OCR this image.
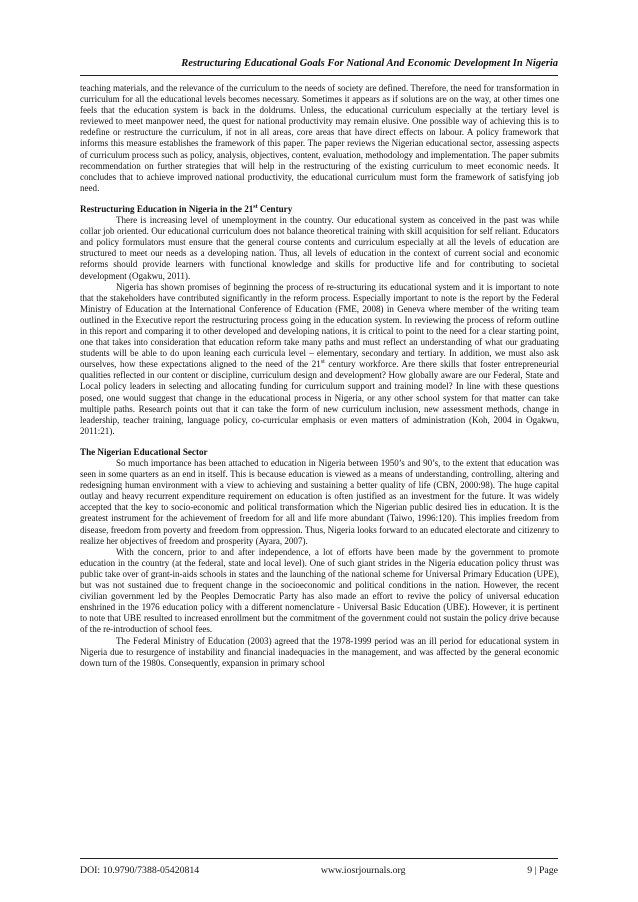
Restructuring Educational Goals For National And Economic Development In Nigeria

teaching materials, and the relevance of the curriculum to the needs of society are defined. Therefore, the need for transformation in curriculum for all the educational levels becomes necessary. Sometimes it appears as if solutions are on the way, at other times one feels that the education system is back in the doldrums. Unless, the educational curriculum especially at the tertiary level is reviewed to meet manpower need, the quest for national productivity may remain elusive. One possible way of achieving this is to redefine or restructure the curriculum, if not in all areas, core areas that have direct effects on labour. A policy framework that informs this measure establishes the framework of this paper. The paper reviews the Nigerian educational sector, assessing aspects of curriculum process such as policy, analysis, objectives, content, evaluation, methodology and implementation. The paper submits recommendation on further strategies that will help in the restructuring of the existing curriculum to meet economic needs. It concludes that to achieve improved national productivity, the educational curriculum must form the framework of satisfying job need.

Restructuring Education in Nigeria in the 21st Century

There is increasing level of unemployment in the country. Our educational system as conceived in the past was while collar job oriented. Our educational curriculum does not balance theoretical training with skill acquisition for self reliant. Educators and policy formulators must ensure that the general course contents and curriculum especially at all the levels of education are structured to meet our needs as a developing nation. Thus, all levels of education in the context of current social and economic reforms should provide learners with functional knowledge and skills for productive life and for contributing to societal development (Ogakwu, 2011).

Nigeria has shown promises of beginning the process of re-structuring its educational system and it is important to note that the stakeholders have contributed significantly in the reform process. Especially important to note is the report by the Federal Ministry of Education at the International Conference of Education (FME, 2008) in Geneva where member of the writing team outlined in the Executive report the restructuring process going in the education system. In reviewing the process of reform outline in this report and comparing it to other developed and developing nations, it is critical to point to the need for a clear starting point, one that takes into consideration that education reform take many paths and must reflect an understanding of what our graduating students will be able to do upon leaning each curricula level – elementary, secondary and tertiary. In addition, we must also ask ourselves, how these expectations aligned to the need of the 21st century workforce. Are there skills that foster entrepreneurial qualities reflected in our content or discipline, curriculum design and development? How globally aware are our Federal, State and Local policy leaders in selecting and allocating funding for curriculum support and training model? In line with these questions posed, one would suggest that change in the educational process in Nigeria, or any other school system for that matter can take multiple paths. Research points out that it can take the form of new curriculum inclusion, new assessment methods, change in leadership, teacher training, language policy, co-curricular emphasis or even matters of administration (Koh, 2004 in Ogakwu, 2011:21).

The Nigerian Educational Sector

So much importance has been attached to education in Nigeria between 1950’s and 90’s, to the extent that education was seen in some quarters as an end in itself. This is because education is viewed as a means of understanding, controlling, altering and redesigning human environment with a view to achieving and sustaining a better quality of life (CBN, 2000:98). The huge capital outlay and heavy recurrent expenditure requirement on education is often justified as an investment for the future. It was widely accepted that the key to socio-economic and political transformation which the Nigerian public desired lies in education. It is the greatest instrument for the achievement of freedom for all and life more abundant (Taiwo, 1996:120). This implies freedom from disease, freedom from poverty and freedom from oppression. Thus, Nigeria looks forward to an educated electorate and citizenry to realize her objectives of freedom and prosperity (Ayara, 2007).

With the concern, prior to and after independence, a lot of efforts have been made by the government to promote education in the country (at the federal, state and local level). One of such giant strides in the Nigeria education policy thrust was public take over of grant-in-aids schools in states and the launching of the national scheme for Universal Primary Education (UPE), but was not sustained due to frequent change in the socioeconomic and political conditions in the nation. However, the recent civilian government led by the Peoples Democratic Party has also made an effort to revive the policy of universal education enshrined in the 1976 education policy with a different nomenclature - Universal Basic Education (UBE). However, it is pertinent to note that UBE resulted to increased enrollment but the commitment of the government could not sustain the policy drive because of the re-introduction of school fees.

The Federal Ministry of Education (2003) agreed that the 1978-1999 period was an ill period for educational system in Nigeria due to resurgence of instability and financial inadequacies in the management, and was affected by the general economic down turn of the 1980s. Consequently, expansion in primary school

DOI: 10.9790/7388-05420814	www.iosrjournals.org	9 | Page
